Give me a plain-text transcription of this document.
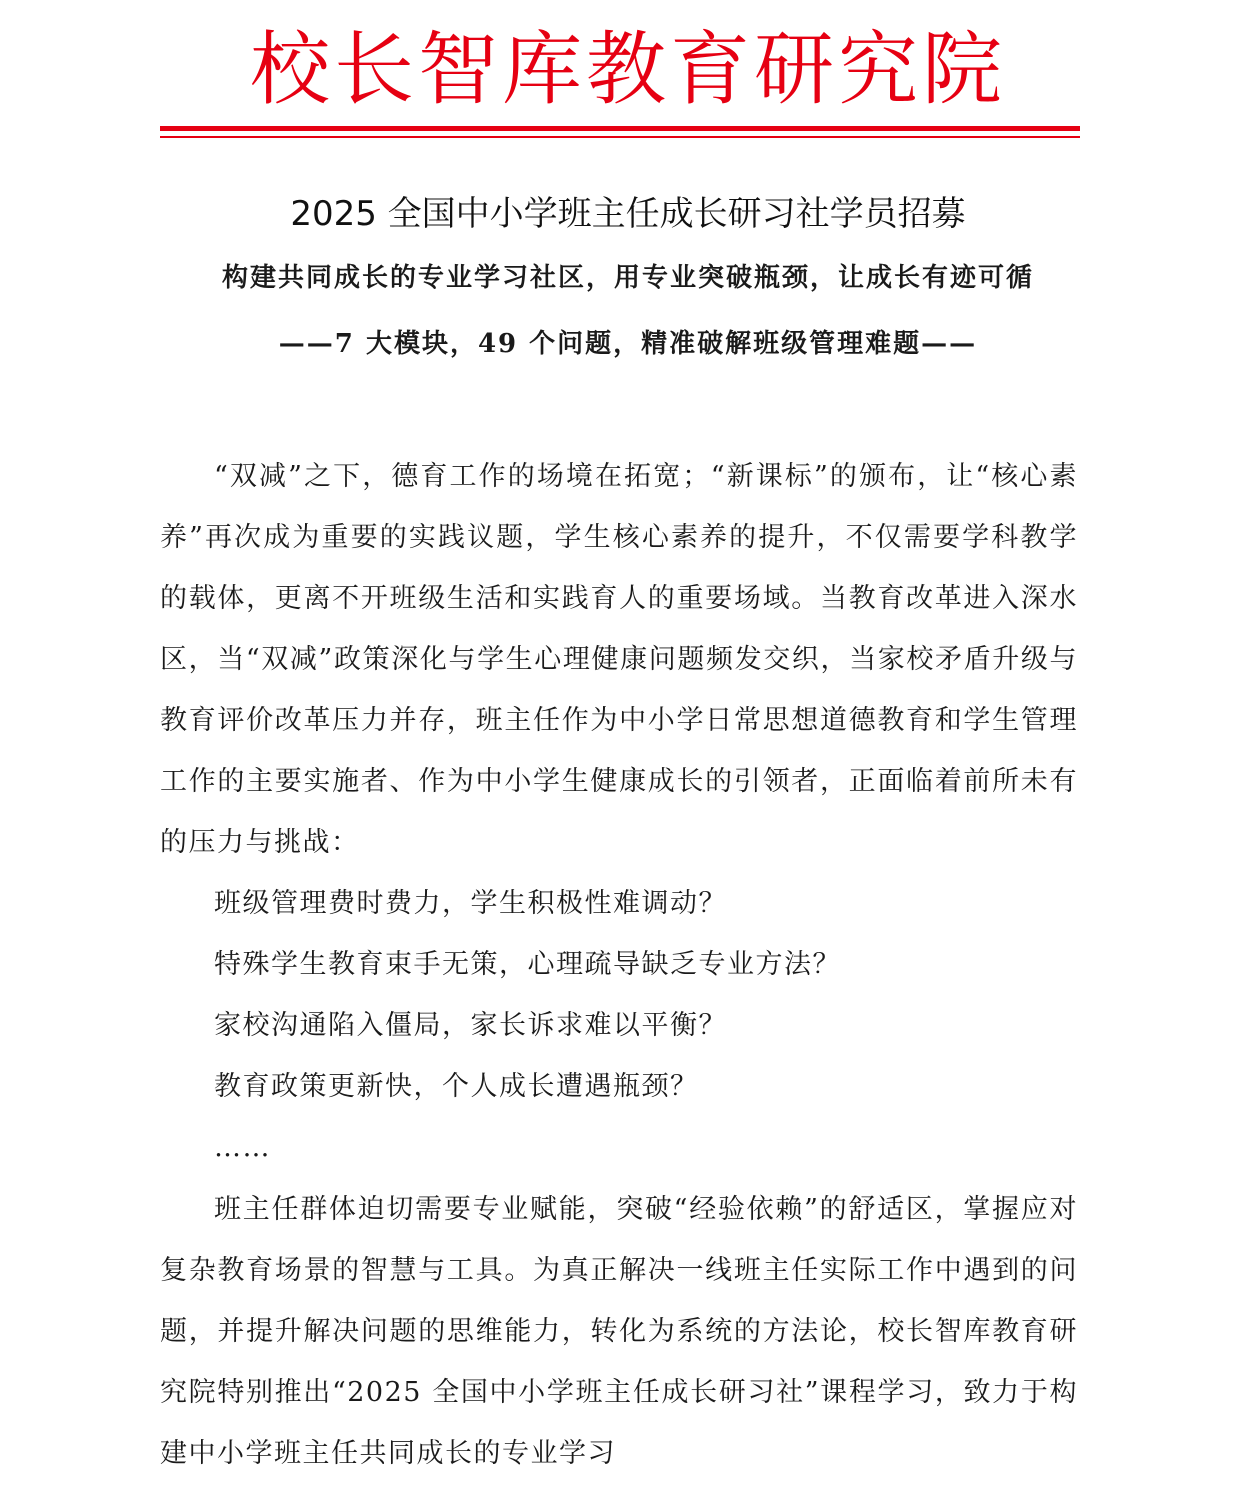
校长智库教育研究院
2025 全国中小学班主任成长研习社学员招募
构建共同成长的专业学习社区，用专业突破瓶颈，让成长有迹可循
——7 大模块，49 个问题，精准破解班级管理难题——

“双减”之下，德育工作的场境在拓宽；“新课标”的颁布，让“核心素养”再次成为重要的实践议题，学生核心素养的提升，不仅需要学科教学的载体，更离不开班级生活和实践育人的重要场域。当教育改革进入深水区，当“双减”政策深化与学生心理健康问题频发交织，当家校矛盾升级与教育评价改革压力并存，班主任作为中小学日常思想道德教育和学生管理工作的主要实施者、作为中小学生健康成长的引领者，正面临着前所未有的压力与挑战：

班级管理费时费力，学生积极性难调动？
特殊学生教育束手无策，心理疏导缺乏专业方法？
家校沟通陷入僵局，家长诉求难以平衡？
教育政策更新快，个人成长遭遇瓶颈？
……

班主任群体迫切需要专业赋能，突破“经验依赖”的舒适区，掌握应对复杂教育场景的智慧与工具。为真正解决一线班主任实际工作中遇到的问题，并提升解决问题的思维能力，转化为系统的方法论，校长智库教育研究院特别推出“2025 全国中小学班主任成长研习社”课程学习，致力于构建中小学班主任共同成长的专业学习
